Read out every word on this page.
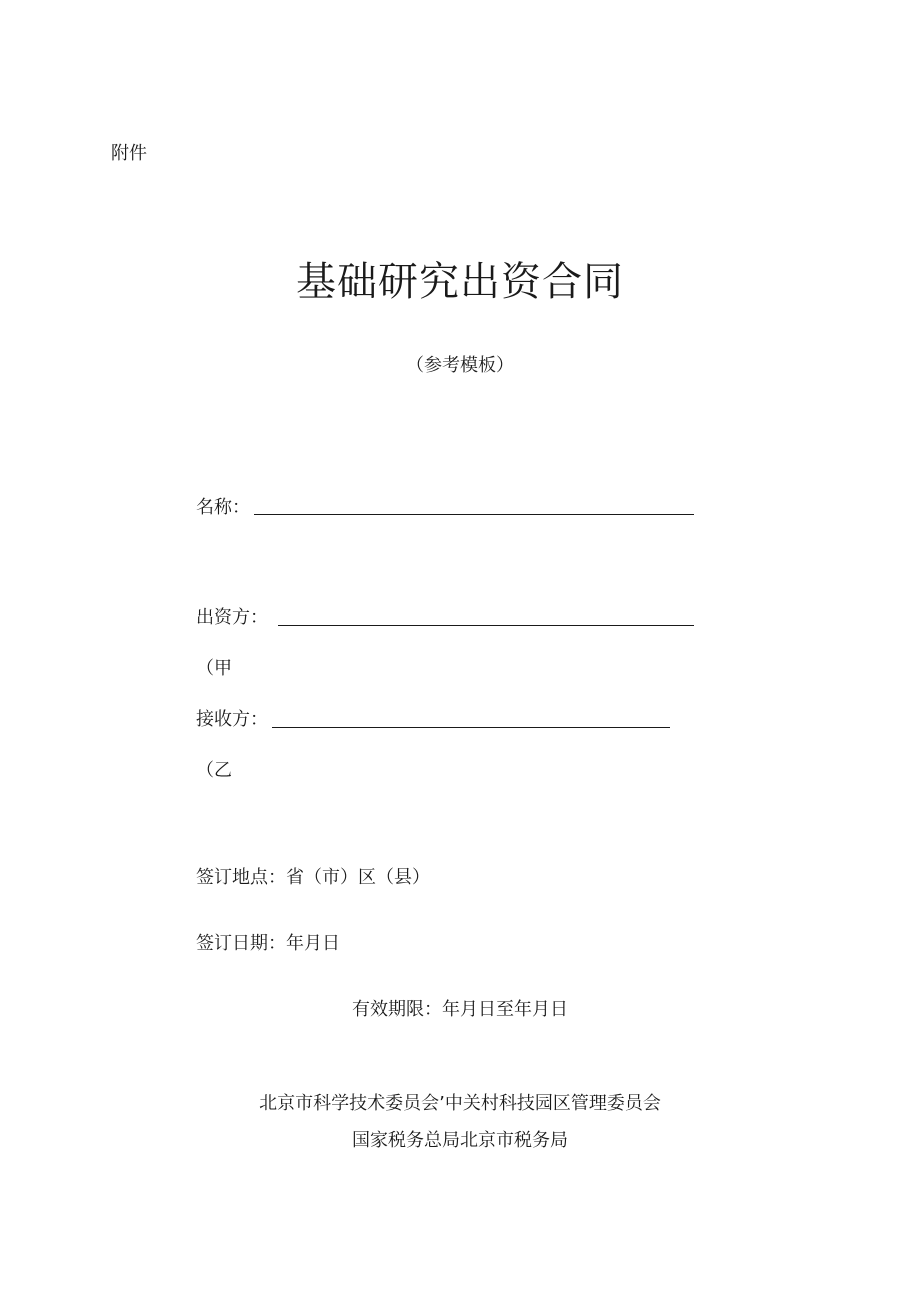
附件
基础研究出资合同
（参考模板）
名称：
出资方：
（甲
接收方：
（乙
签订地点：省（市）区（县）
签订日期：年月日
有效期限：年月日至年月日
北京市科学技术委员会’中关村科技园区管理委员会
国家税务总局北京市税务局
